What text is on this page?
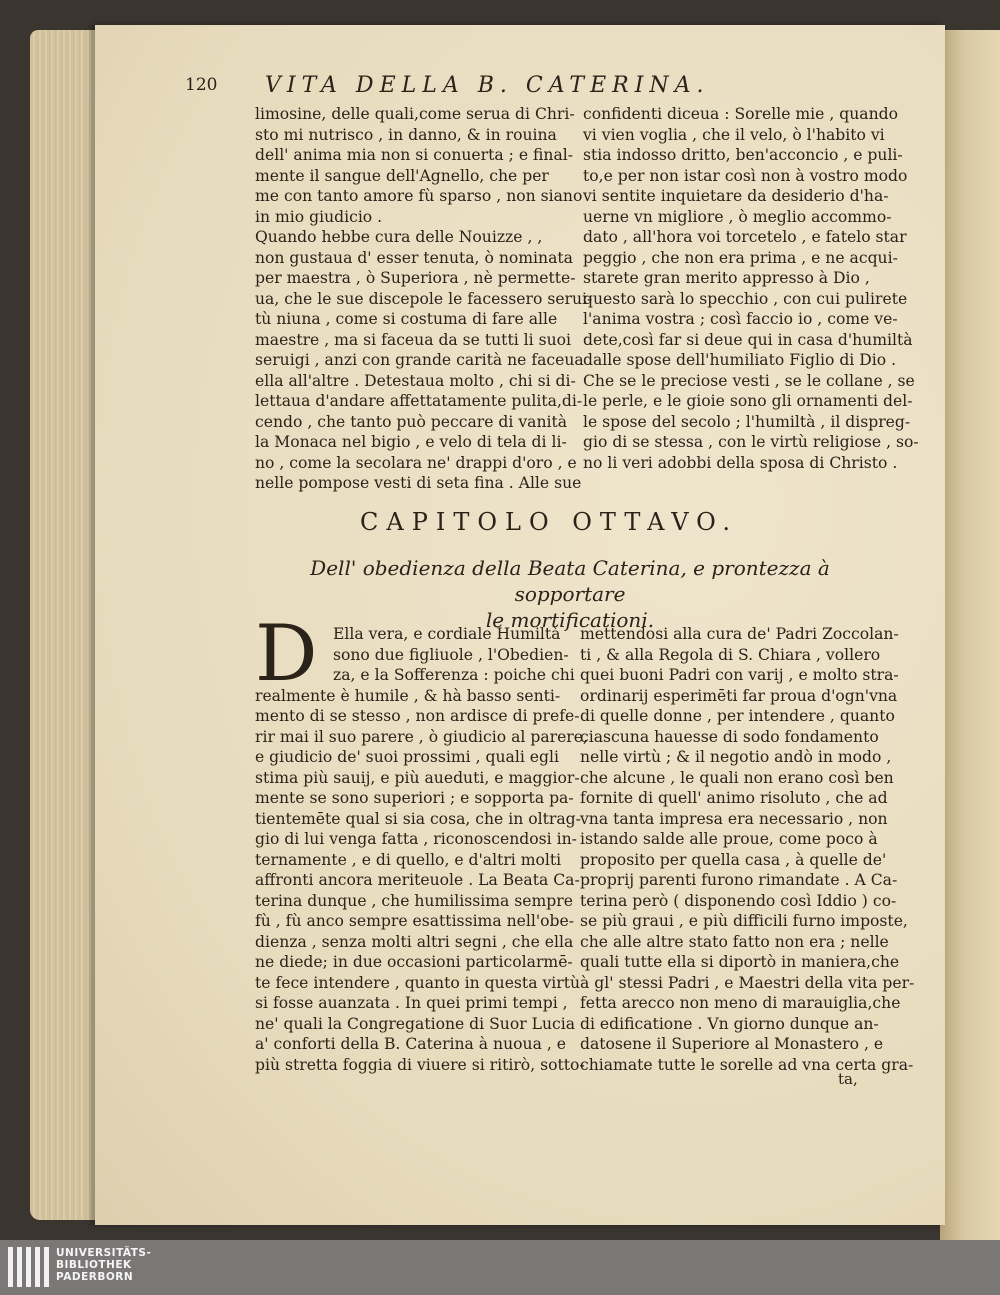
120 VITA DELLA B. CATERINA.
limosine, delle quali,come serua di Chri-
sto mi nutrisco , in danno, & in rouina
dell' anima mia non si conuerta ; e final-
mente il sangue dell'Agnello, che per
me con tanto amore fù sparso , non siano
in mio giudicio .
Quando hebbe cura delle Nouizze , ,
non gustaua d' esser tenuta, ò nominata
per maestra , ò Superiora , nè permette-
ua, che le sue discepole le facessero serui-
tù niuna , come si costuma di fare alle
maestre , ma si faceua da se tutti li suoi
seruigi , anzi con grande carità ne faceua
ella all'altre . Detestaua molto , chi si di-
lettaua d'andare affettatamente pulita,di-
cendo , che tanto può peccare di vanità
la Monaca nel bigio , e velo di tela di li-
no , come la secolara ne' drappi d'oro , e
nelle pompose vesti di seta fina . Alle sue
confidenti diceua : Sorelle mie , quando
vi vien voglia , che il velo, ò l'habito vi
stia indosso dritto, ben'acconcio , e puli-
to,e per non istar così non à vostro modo
vi sentite inquietare da desiderio d'ha-
uerne vn migliore , ò meglio accommo-
dato , all'hora voi torcetelo , e fatelo star
peggio , che non era prima , e ne acqui-
starete gran merito appresso à Dio ,
questo sarà lo specchio , con cui pulirete
l'anima vostra ; così faccio io , come ve-
dete,così far si deue qui in casa d'humiltà
dalle spose dell'humiliato Figlio di Dio .
Che se le preciose vesti , se le collane , se
le perle, e le gioie sono gli ornamenti del-
le spose del secolo ; l'humiltà , il dispreg-
gio di se stessa , con le virtù religiose , so-
no li veri adobbi della sposa di Christo .
CAPITOLO OTTAVO.
Dell' obedienza della Beata Caterina, e prontezza à sopportare
le mortificationi.
D Ella vera, e cordiale Humiltà
sono due figliuole , l'Obedien-
za, e la Sofferenza : poiche chi
realmente è humile , & hà basso senti-
mento di se stesso , non ardisce di prefe-
rir mai il suo parere , ò giudicio al parere,
e giudicio de' suoi prossimi , quali egli
stima più sauij, e più aueduti, e maggior-
mente se sono superiori ; e sopporta pa-
tientemēte qual si sia cosa, che in oltrag-
gio di lui venga fatta , riconoscendosi in-
ternamente , e di quello, e d'altri molti
affronti ancora meriteuole . La Beata Ca-
terina dunque , che humilissima sempre
fù , fù anco sempre esattissima nell'obe-
dienza , senza molti altri segni , che ella
ne diede; in due occasioni particolarmē-
te fece intendere , quanto in questa virtù
si fosse auanzata . In quei primi tempi ,
ne' quali la Congregatione di Suor Lucia
a' conforti della B. Caterina à nuoua , e
più stretta foggia di viuere si ritirò, sotto-
mettendosi alla cura de' Padri Zoccolan-
ti , & alla Regola di S. Chiara , vollero
quei buoni Padri con varij , e molto stra-
ordinarij esperimēti far proua d'ogn'vna
di quelle donne , per intendere , quanto
ciascuna hauesse di sodo fondamento
nelle virtù ; & il negotio andò in modo ,
che alcune , le quali non erano così ben
fornite di quell' animo risoluto , che ad
vna tanta impresa era necessario , non
istando salde alle proue, come poco à
proposito per quella casa , à quelle de'
proprij parenti furono rimandate . A Ca-
terina però ( disponendo così Iddio ) co-
se più graui , e più difficili furno imposte,
che alle altre stato fatto non era ; nelle
quali tutte ella si diportò in maniera,che
à gl' stessi Padri , e Maestri della vita per-
fetta arecco non meno di marauiglia,che
di edificatione . Vn giorno dunque an-
datosene il Superiore al Monastero , e
chiamate tutte le sorelle ad vna certa gra-
ta,
UNIVERSITÄTS-
BIBLIOTHEK
PADERBORN
